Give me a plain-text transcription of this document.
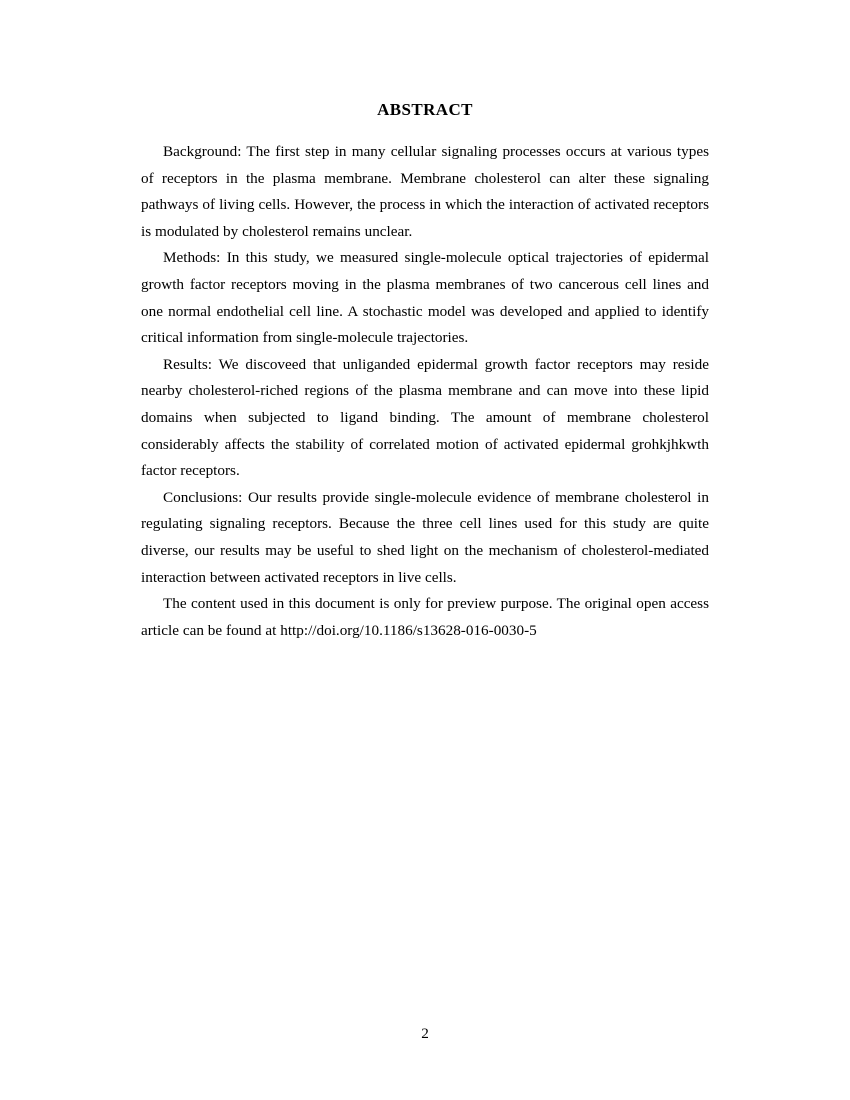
ABSTRACT

Background: The first step in many cellular signaling processes occurs at various types of receptors in the plasma membrane. Membrane cholesterol can alter these signaling pathways of living cells. However, the process in which the interaction of activated receptors is modulated by cholesterol remains unclear.

Methods: In this study, we measured single-molecule optical trajectories of epidermal growth factor receptors moving in the plasma membranes of two cancerous cell lines and one normal endothelial cell line. A stochastic model was developed and applied to identify critical information from single-molecule trajectories.

Results: We discoveed that unliganded epidermal growth factor receptors may reside nearby cholesterol-riched regions of the plasma membrane and can move into these lipid domains when subjected to ligand binding. The amount of membrane cholesterol considerably affects the stability of correlated motion of activated epidermal grohkjhkwth factor receptors.

Conclusions: Our results provide single-molecule evidence of membrane cholesterol in regulating signaling receptors. Because the three cell lines used for this study are quite diverse, our results may be useful to shed light on the mechanism of cholesterol-mediated interaction between activated receptors in live cells.

The content used in this document is only for preview purpose. The original open access article can be found at http://doi.org/10.1186/s13628-016-0030-5

2
